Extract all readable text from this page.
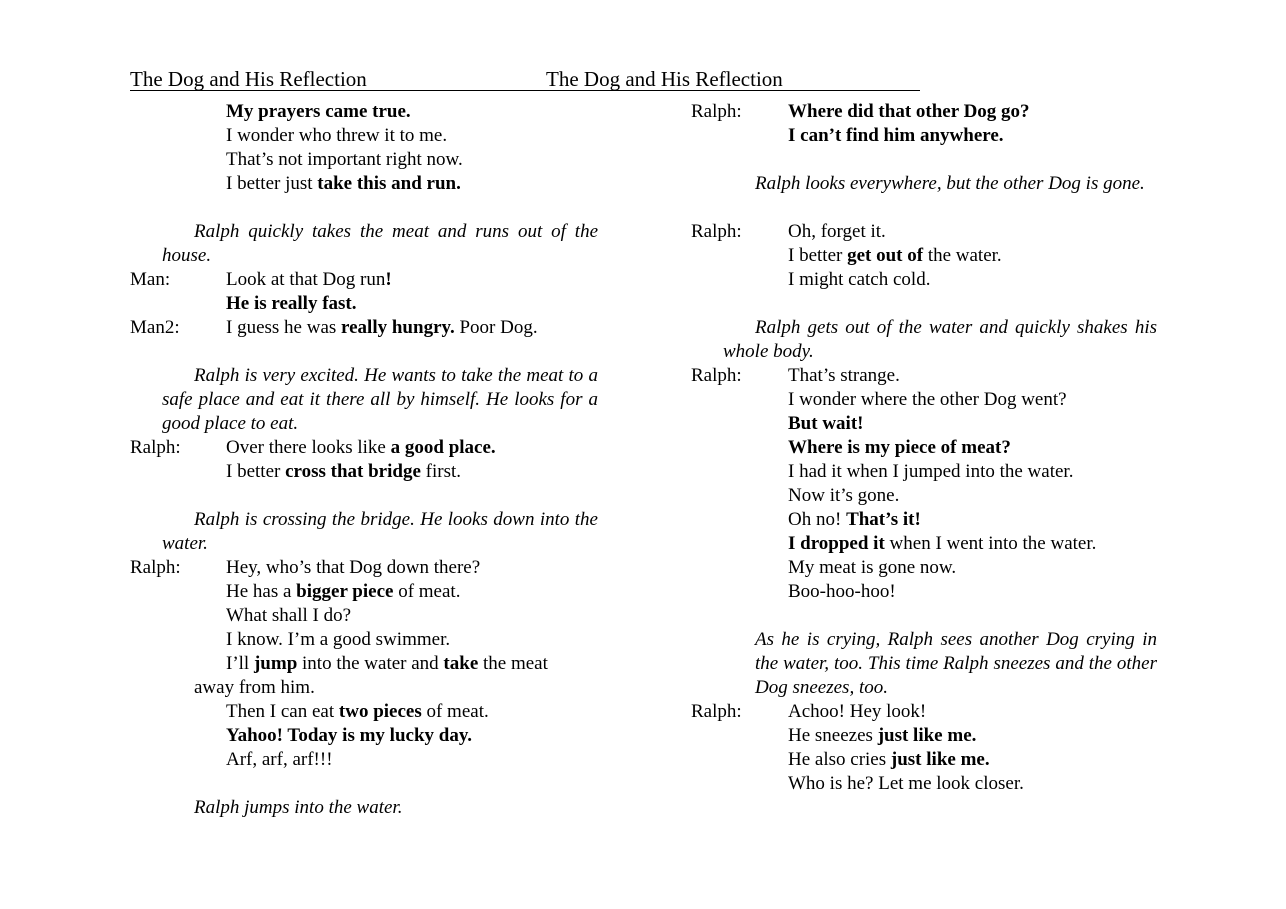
The Dog and His Reflection	The Dog and His Reflection
My prayers came true.
I wonder who threw it to me.
That’s not important right now.
I better just take this and run.
Ralph quickly takes the meat and runs out of the house.
Man:	Look at that Dog run!
He is really fast.
Man2: I guess he was really hungry. Poor Dog.
Ralph is very excited. He wants to take the meat to a safe place and eat it there all by himself. He looks for a good place to eat.
Ralph: Over there looks like a good place.
I better cross that bridge first.
Ralph is crossing the bridge. He looks down into the water.
Ralph: Hey, who’s that Dog down there?
He has a bigger piece of meat.
What shall I do?
I know. I’m a good swimmer.
I’ll jump into the water and take the meat
away from him.
Then I can eat two pieces of meat.
Yahoo! Today is my lucky day.
Arf, arf, arf!!!
Ralph jumps into the water.
Ralph: Where did that other Dog go?
I can’t find him anywhere.
Ralph looks everywhere, but the other Dog is gone.
Ralph: Oh, forget it.
I better get out of the water.
I might catch cold.
Ralph gets out of the water and quickly shakes his whole body.
Ralph: That’s strange.
I wonder where the other Dog went?
But wait!
Where is my piece of meat?
I had it when I jumped into the water.
Now it’s gone.
Oh no! That’s it!
I dropped it when I went into the water.
My meat is gone now.
Boo-hoo-hoo!
As he is crying, Ralph sees another Dog crying in the water, too. This time Ralph sneezes and the other Dog sneezes, too.
Ralph: Achoo! Hey look!
He sneezes just like me.
He also cries just like me.
Who is he? Let me look closer.
